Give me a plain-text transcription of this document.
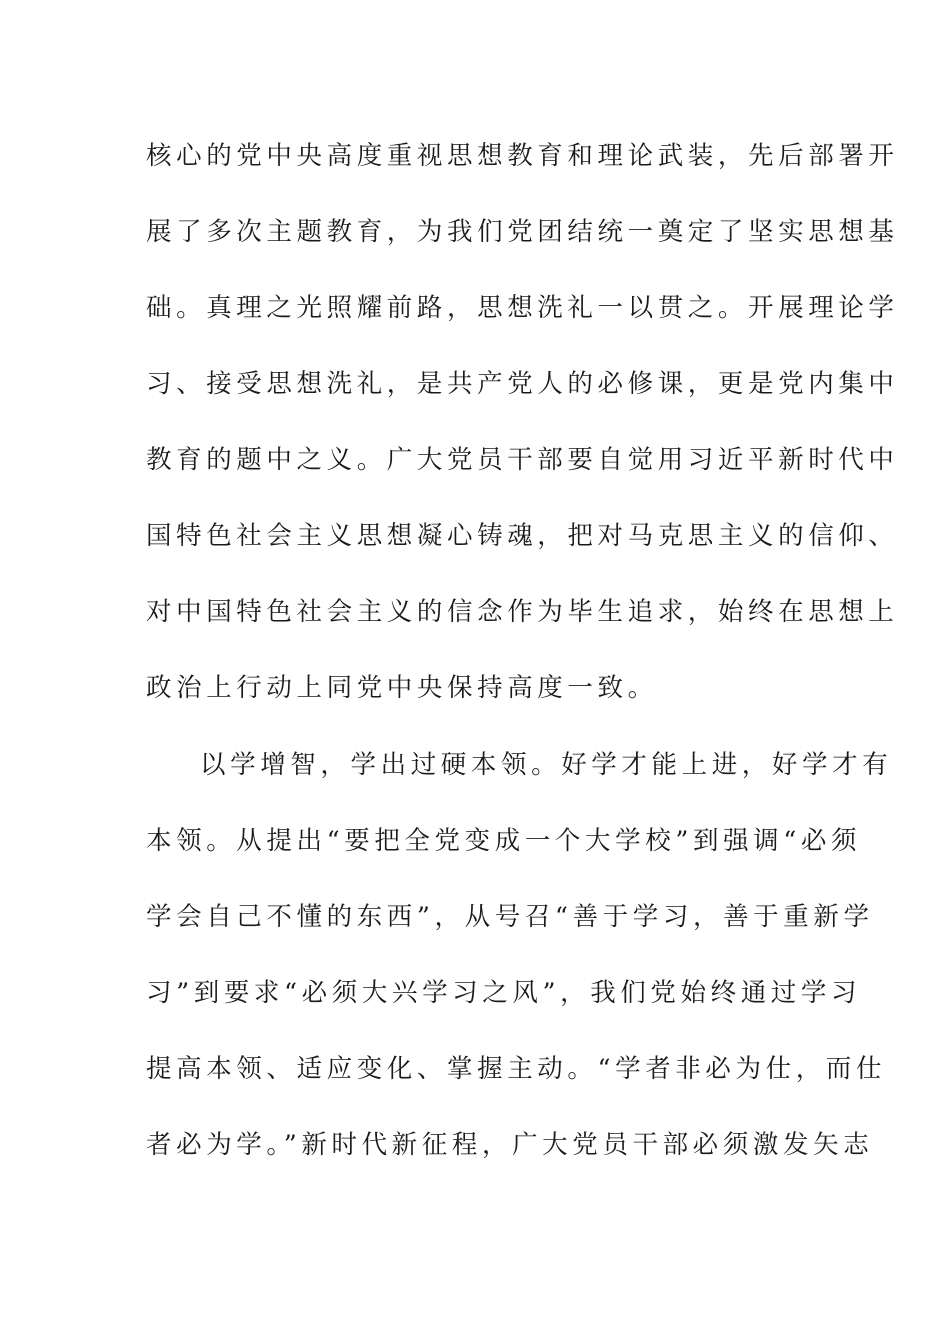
核心的党中央高度重视思想教育和理论武装，先后部署开
展了多次主题教育，为我们党团结统一奠定了坚实思想基
础。真理之光照耀前路，思想洗礼一以贯之。开展理论学
习、接受思想洗礼，是共产党人的必修课，更是党内集中
教育的题中之义。广大党员干部要自觉用习近平新时代中
国特色社会主义思想凝心铸魂，把对马克思主义的信仰、
对中国特色社会主义的信念作为毕生追求，始终在思想上
政治上行动上同党中央保持高度一致。
以学增智，学出过硬本领。好学才能上进，好学才有
本领。从提出“要把全党变成一个大学校”到强调“必须
学会自己不懂的东西”，从号召“善于学习，善于重新学
习”到要求“必须大兴学习之风”，我们党始终通过学习
提高本领、适应变化、掌握主动。“学者非必为仕，而仕
者必为学。”新时代新征程，广大党员干部必须激发矢志
